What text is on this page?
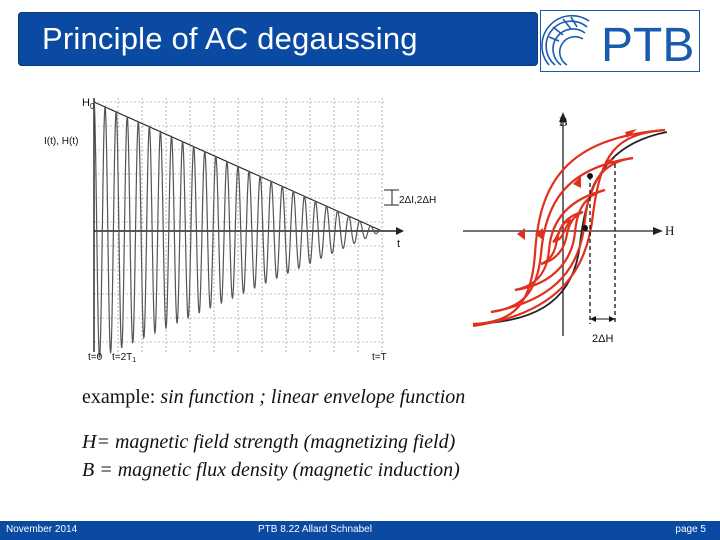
Principle of AC degaussing	PTB
2ΔI,2ΔH
$H_0$
I(t), H(t)
t
t=0 $t=2T_1$	t=T
B
H
2ΔH
example: sin function ; linear envelope function
H= magnetic field strength (magnetizing field)
B = magnetic flux density (magnetic induction)
November 2014	PTB 8.22 Allard Schnabel	page 5
